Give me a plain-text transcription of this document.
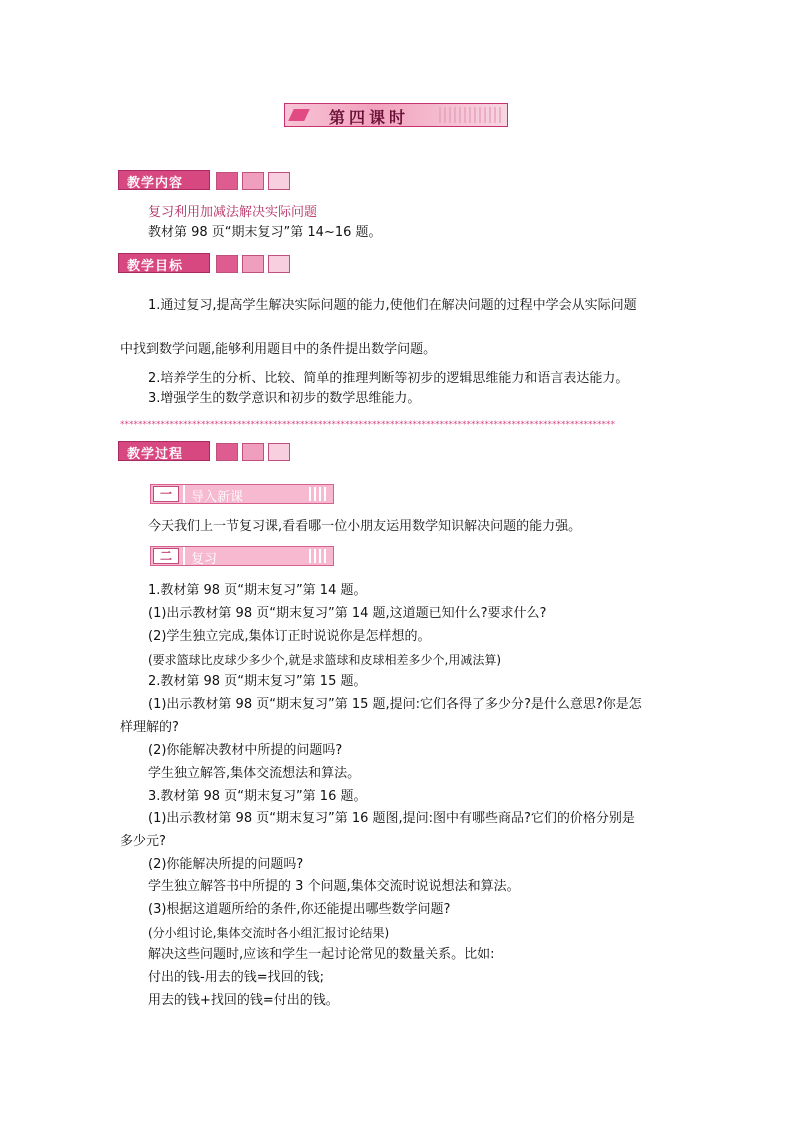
第四课时
教学内容
复习利用加减法解决实际问题
教材第 98 页“期末复习”第 14~16 题。
教学目标
1.通过复习,提高学生解决实际问题的能力,使他们在解决问题的过程中学会从实际问题
中找到数学问题,能够利用题目中的条件提出数学问题。
2.培养学生的分析、比较、简单的推理判断等初步的逻辑思维能力和语言表达能力。
3.增强学生的数学意识和初步的数学思维能力。
**************************************************************************************************************
教学过程
一	导入新课
今天我们上一节复习课,看看哪一位小朋友运用数学知识解决问题的能力强。
二	复习
1.教材第 98 页“期末复习”第 14 题。
(1)出示教材第 98 页“期末复习”第 14 题,这道题已知什么?要求什么?
(2)学生独立完成,集体订正时说说你是怎样想的。
(要求篮球比皮球少多少个,就是求篮球和皮球相差多少个,用减法算)
2.教材第 98 页“期末复习”第 15 题。
(1)出示教材第 98 页“期末复习”第 15 题,提问:它们各得了多少分?是什么意思?你是怎
样理解的?
(2)你能解决教材中所提的问题吗?
学生独立解答,集体交流想法和算法。
3.教材第 98 页“期末复习”第 16 题。
(1)出示教材第 98 页“期末复习”第 16 题图,提问:图中有哪些商品?它们的价格分别是
多少元?
(2)你能解决所提的问题吗?
学生独立解答书中所提的 3 个问题,集体交流时说说想法和算法。
(3)根据这道题所给的条件,你还能提出哪些数学问题?
(分小组讨论,集体交流时各小组汇报讨论结果)
解决这些问题时,应该和学生一起讨论常见的数量关系。比如:
付出的钱-用去的钱=找回的钱;
用去的钱+找回的钱=付出的钱。
